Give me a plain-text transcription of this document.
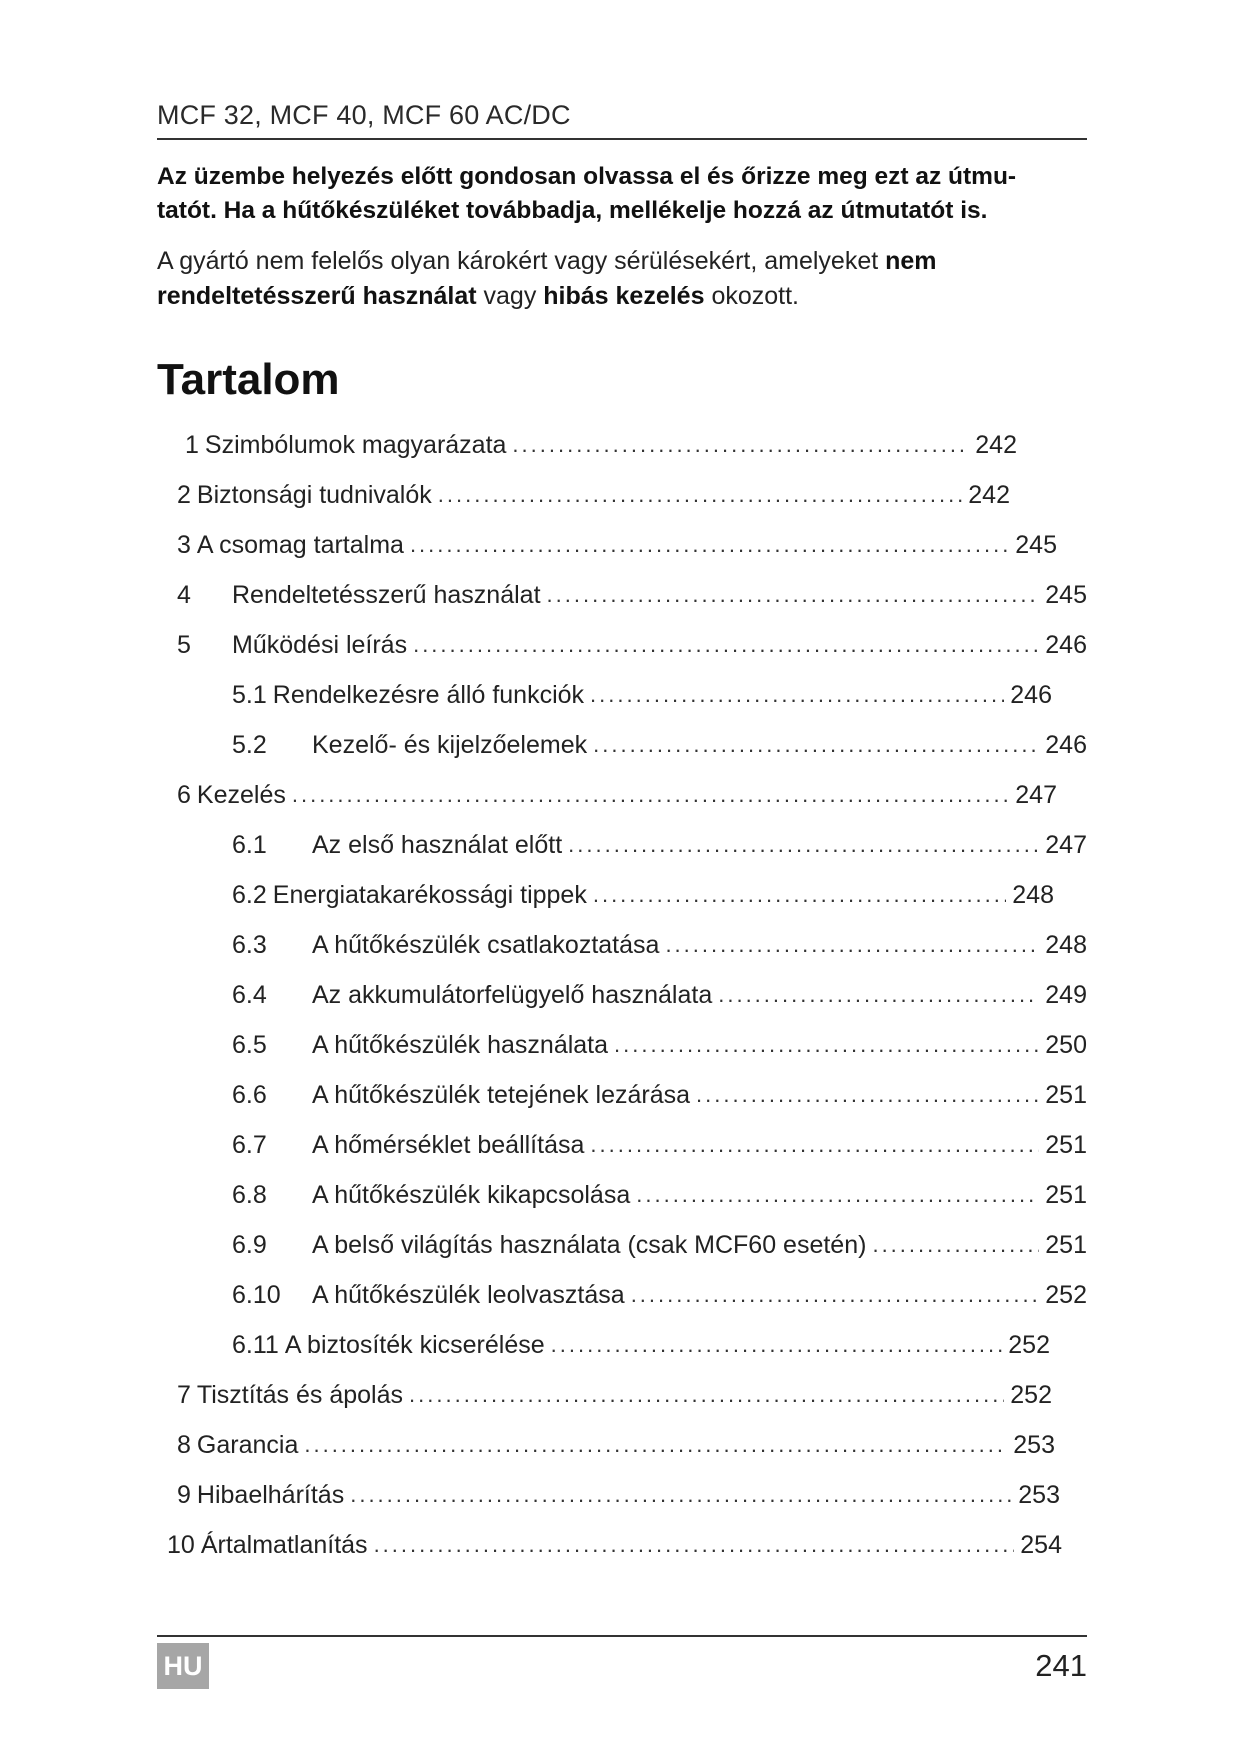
MCF 32, MCF 40, MCF 60 AC/DC
Az üzembe helyezés előtt gondosan olvassa el és őrizze meg ezt az útmu-
tatót. Ha a hűtőkészüléket továbbadja, mellékelje hozzá az útmutatót is.
A gyártó nem felelős olyan károkért vagy sérülésekért, amelyeket nem rendeltetésszerű használat vagy hibás kezelés okozott.
Tartalom
1 Szimbólumok magyarázata .....	242
2 Biztonsági tudnivalók .....	242
3 A csomag tartalma .....	245
4	Rendeltetésszerű használat .....	245
5	Működési leírás .....	246
5.1 Rendelkezésre álló funkciók .....	246
5.2	Kezelő- és kijelzőelemek .....	246
6 Kezelés .....	247
6.1	Az első használat előtt .....	247
6.2 Energiatakarékossági tippek .....	248
6.3	A hűtőkészülék csatlakoztatása .....	248
6.4	Az akkumulátorfelügyelő használata .....	249
6.5	A hűtőkészülék használata .....	250
6.6	A hűtőkészülék tetejének lezárása .....	251
6.7	A hőmérséklet beállítása .....	251
6.8	A hűtőkészülék kikapcsolása .....	251
6.9	A belső világítás használata (csak MCF60 esetén) .....	251
6.10	A hűtőkészülék leolvasztása .....	252
6.11 A biztosíték kicserélése .....	252
7 Tisztítás és ápolás .....	252
8 Garancia .....	253
9 Hibaelhárítás .....	253
10 Ártalmatlanítás .....	254
HU	241
